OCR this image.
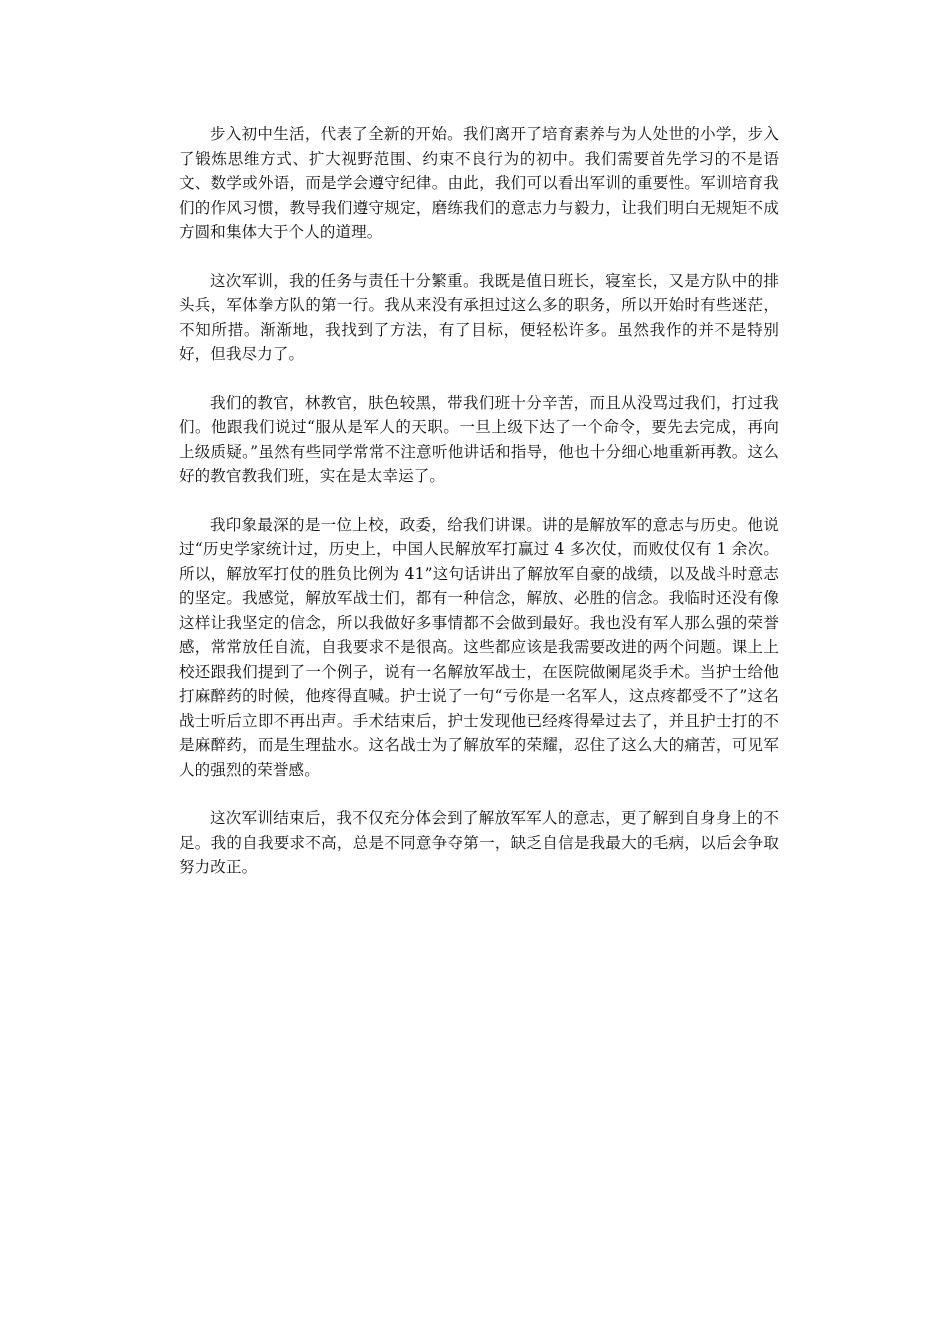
步入初中生活，代表了全新的开始。我们离开了培育素养与为人处世的小学，步入了锻炼思维方式、扩大视野范围、约束不良行为的初中。我们需要首先学习的不是语文、数学或外语，而是学会遵守纪律。由此，我们可以看出军训的重要性。军训培育我们的作风习惯，教导我们遵守规定，磨练我们的意志力与毅力，让我们明白无规矩不成方圆和集体大于个人的道理。

这次军训，我的任务与责任十分繁重。我既是值日班长，寝室长，又是方队中的排头兵，军体拳方队的第一行。我从来没有承担过这么多的职务，所以开始时有些迷茫，不知所措。渐渐地，我找到了方法，有了目标，便轻松许多。虽然我作的并不是特别好，但我尽力了。

我们的教官，林教官，肤色较黑，带我们班十分辛苦，而且从没骂过我们，打过我们。他跟我们说过“服从是军人的天职。一旦上级下达了一个命令，要先去完成，再向上级质疑。”虽然有些同学常常不注意听他讲话和指导，他也十分细心地重新再教。这么好的教官教我们班，实在是太幸运了。

我印象最深的是一位上校，政委，给我们讲课。讲的是解放军的意志与历史。他说过“历史学家统计过，历史上，中国人民解放军打赢过 4 多次仗，而败仗仅有 1 余次。所以，解放军打仗的胜负比例为 41”这句话讲出了解放军自豪的战绩，以及战斗时意志的坚定。我感觉，解放军战士们，都有一种信念，解放、必胜的信念。我临时还没有像这样让我坚定的信念，所以我做好多事情都不会做到最好。我也没有军人那么强的荣誉感，常常放任自流，自我要求不是很高。这些都应该是我需要改进的两个问题。课上上校还跟我们提到了一个例子，说有一名解放军战士，在医院做阑尾炎手术。当护士给他打麻醉药的时候，他疼得直喊。护士说了一句“亏你是一名军人，这点疼都受不了”这名战士听后立即不再出声。手术结束后，护士发现他已经疼得晕过去了，并且护士打的不是麻醉药，而是生理盐水。这名战士为了解放军的荣耀，忍住了这么大的痛苦，可见军人的强烈的荣誉感。

这次军训结束后，我不仅充分体会到了解放军军人的意志，更了解到自身身上的不足。我的自我要求不高，总是不同意争夺第一，缺乏自信是我最大的毛病，以后会争取努力改正。
